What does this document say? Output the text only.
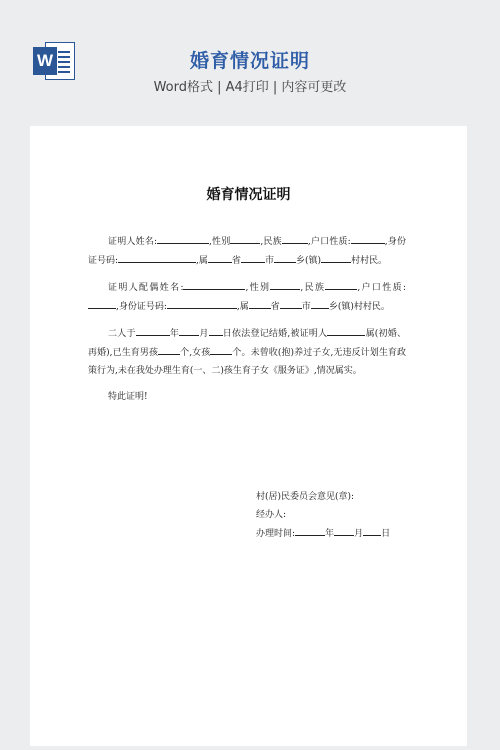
W	婚育情况证明
Word格式 | A4打印 | 内容可更改
婚育情况证明

证明人姓名:	,性别	,民族	,户口性质:	,身份证号码:	,属	省	市 乡(镇)	村村民。

证明人配偶姓名:	,性别	,民族	,户口性质:,身份证号码:	,属 省 市 乡(镇)村村民。

二人于	年 月 日依法登记结婚,被证明人	属(初婚、再婚),已生育男孩 个,女孩 个。未曾收(抱)养过子女,无违反计划生育政策行为,未在我处办理生育(一、二)孩生育子女《服务证》,情况属实。

特此证明!

村(居)民委员会意见(章):
经办人:
办理时间:	年 月 日
